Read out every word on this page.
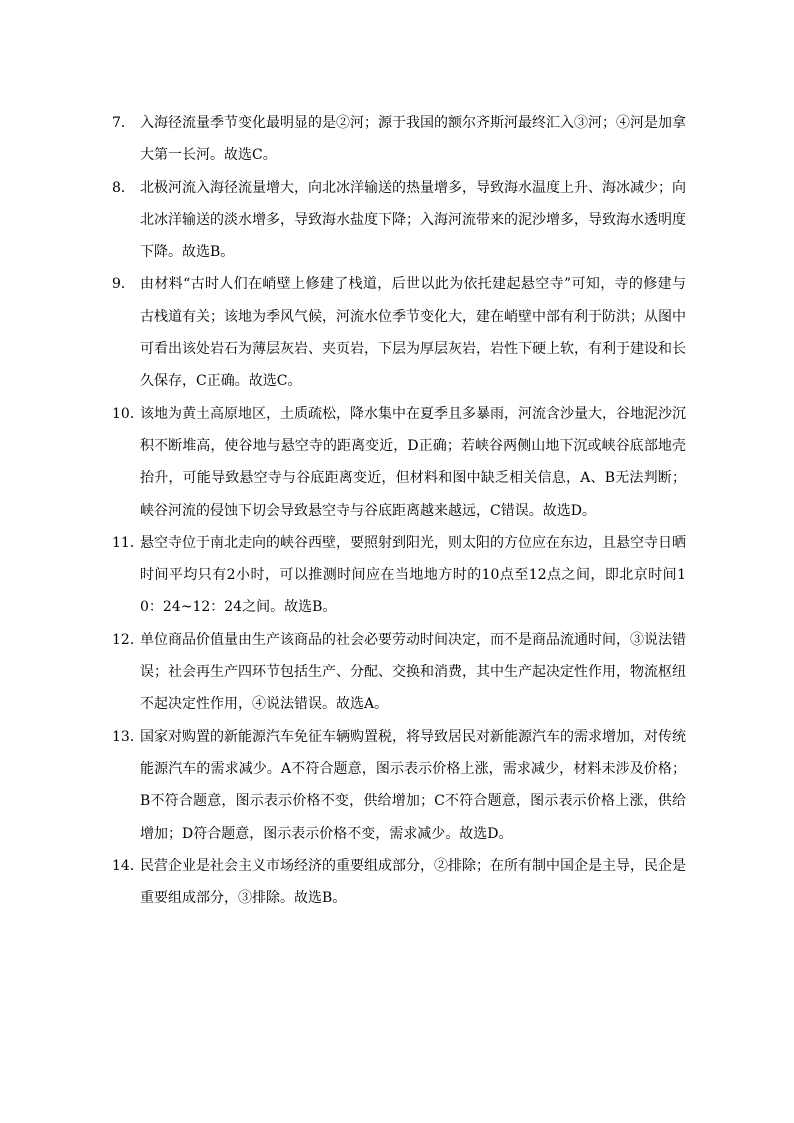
7． 入海径流量季节变化最明显的是②河；源于我国的额尔齐斯河最终汇入③河；④河是加拿大第一长河。故选C。

8． 北极河流入海径流量增大，向北冰洋输送的热量增多，导致海水温度上升、海冰减少；向北冰洋输送的淡水增多，导致海水盐度下降；入海河流带来的泥沙增多，导致海水透明度下降。故选B。

9． 由材料“古时人们在峭壁上修建了栈道，后世以此为依托建起悬空寺”可知，寺的修建与古栈道有关；该地为季风气候，河流水位季节变化大，建在峭壁中部有利于防洪；从图中可看出该处岩石为薄层灰岩、夹页岩，下层为厚层灰岩，岩性下硬上软，有利于建设和长久保存，C正确。故选C。

10．
该地为黄土高原地区，土质疏松，降水集中在夏季且多暴雨，河流含沙量大，谷地泥沙沉积不断堆高，使谷地与悬空寺的距离变近，D正确；若峡谷两侧山地下沉或峡谷底部地壳抬升，可能导致悬空寺与谷底距离变近，但材料和图中缺乏相关信息，A、B无法判断；峡谷河流的侵蚀下切会导致悬空寺与谷底距离越来越远，C错误。故选D。

11．
悬空寺位于南北走向的峡谷西壁，要照射到阳光，则太阳的方位应在东边，且悬空寺日晒时间平均只有2小时，可以推测时间应在当地地方时的10点至12点之间，即北京时间10：24~12：24之间。故选B。

12．
单位商品价值量由生产该商品的社会必要劳动时间决定，而不是商品流通时间，③说法错误；社会再生产四环节包括生产、分配、交换和消费，其中生产起决定性作用，物流枢纽不起决定性作用，④说法错误。故选A。

13．
国家对购置的新能源汽车免征车辆购置税，将导致居民对新能源汽车的需求增加，对传统能源汽车的需求减少。A不符合题意，图示表示价格上涨，需求减少，材料未涉及价格；B不符合题意，图示表示价格不变，供给增加；C不符合题意，图示表示价格上涨，供给增加；D符合题意，图示表示价格不变，需求减少。故选D。

14．
民营企业是社会主义市场经济的重要组成部分，②排除；在所有制中国企是主导，民企是重要组成部分，③排除。故选B。
